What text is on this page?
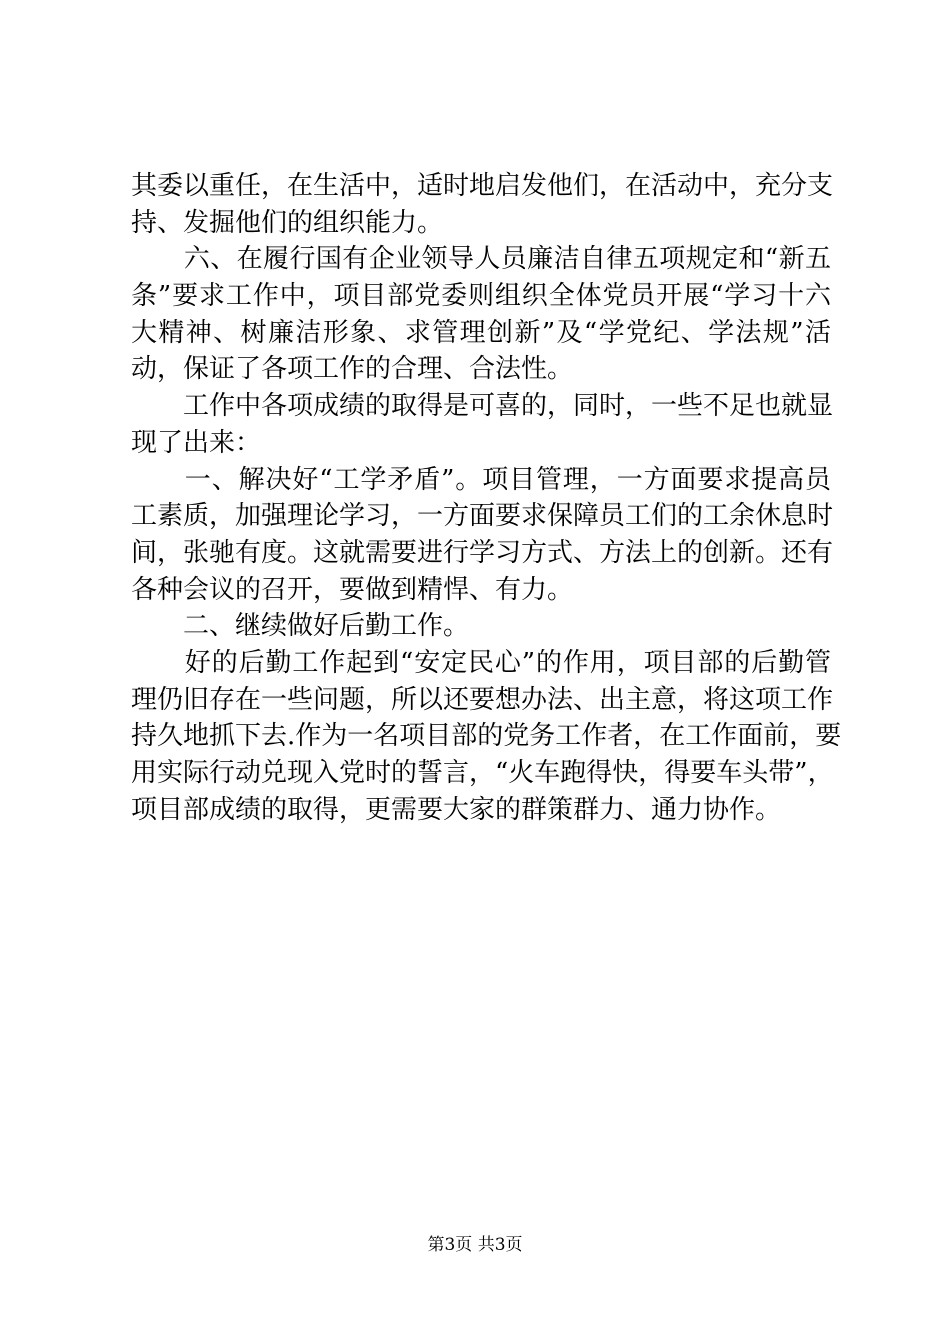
其委以重任，在生活中，适时地启发他们，在活动中，充分支
持、发掘他们的组织能力。
　　六、在履行国有企业领导人员廉洁自律五项规定和“新五
条”要求工作中，项目部党委则组织全体党员开展“学习十六
大精神、树廉洁形象、求管理创新”及“学党纪、学法规”活
动，保证了各项工作的合理、合法性。
　　工作中各项成绩的取得是可喜的，同时，一些不足也就显
现了出来：
　　一、解决好“工学矛盾”。项目管理，一方面要求提高员
工素质，加强理论学习，一方面要求保障员工们的工余休息时
间，张驰有度。这就需要进行学习方式、方法上的创新。还有
各种会议的召开，要做到精悍、有力。
　　二、继续做好后勤工作。
　　好的后勤工作起到“安定民心”的作用，项目部的后勤管
理仍旧存在一些问题，所以还要想办法、出主意，将这项工作
持久地抓下去.作为一名项目部的党务工作者，在工作面前，要
用实际行动兑现入党时的誓言，“火车跑得快，得要车头带”，
项目部成绩的取得，更需要大家的群策群力、通力协作。
第3页 共3页
